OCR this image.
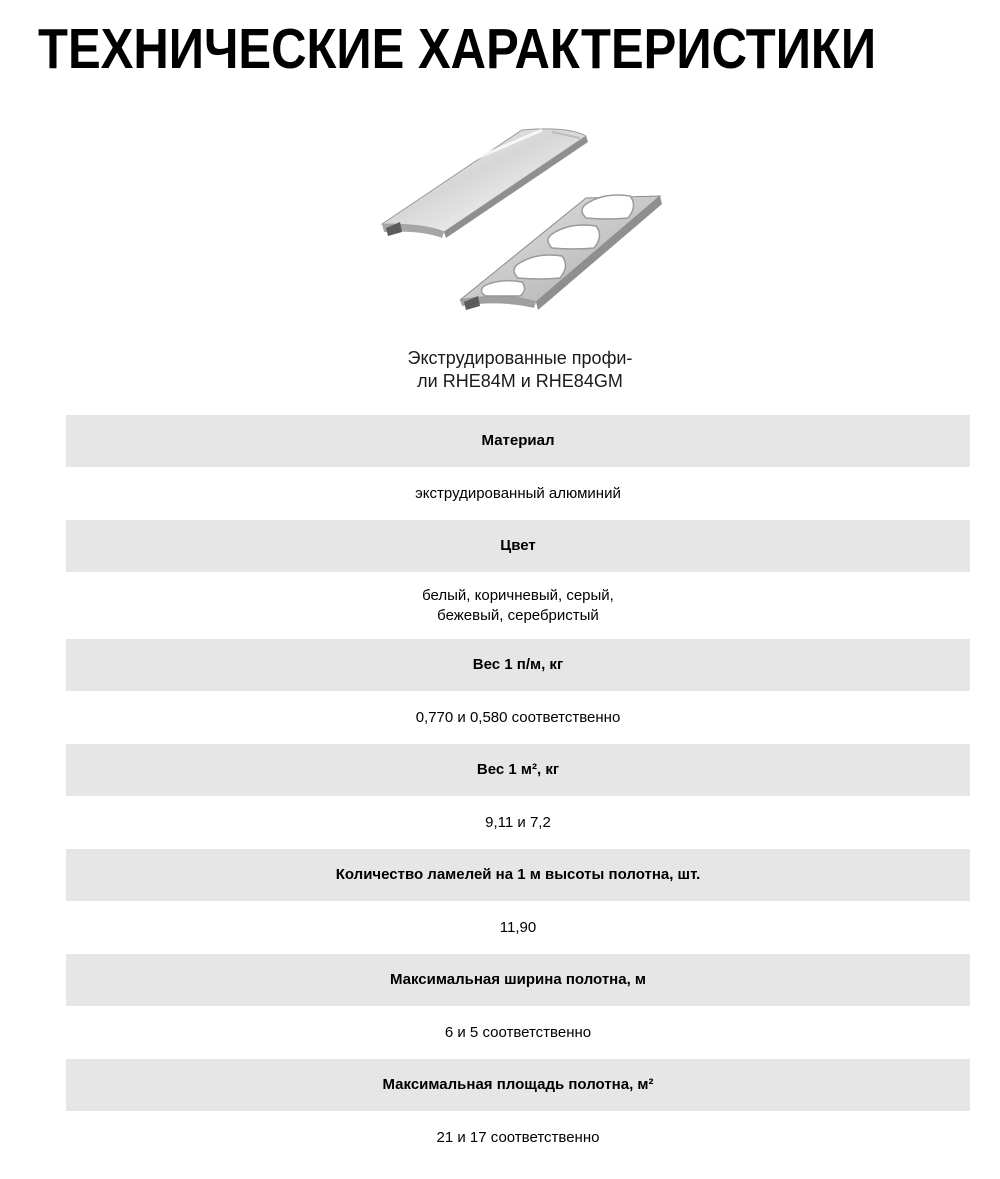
ТЕХНИЧЕСКИЕ ХАРАКТЕРИСТИКИ
Экструдированные профи-
ли RHE84M и RHE84GM
Материал
экструдированный алюминий
Цвет
белый, коричневый, серый,
бежевый, серебристый
Вес 1 п/м, кг
0,770 и 0,580 соответственно
Вес 1 м², кг
9,11 и 7,2
Количество ламелей на 1 м высоты полотна, шт.
11,90
Максимальная ширина полотна, м
6 и 5 соответственно
Максимальная площадь полотна, м²
21 и 17 соответственно
